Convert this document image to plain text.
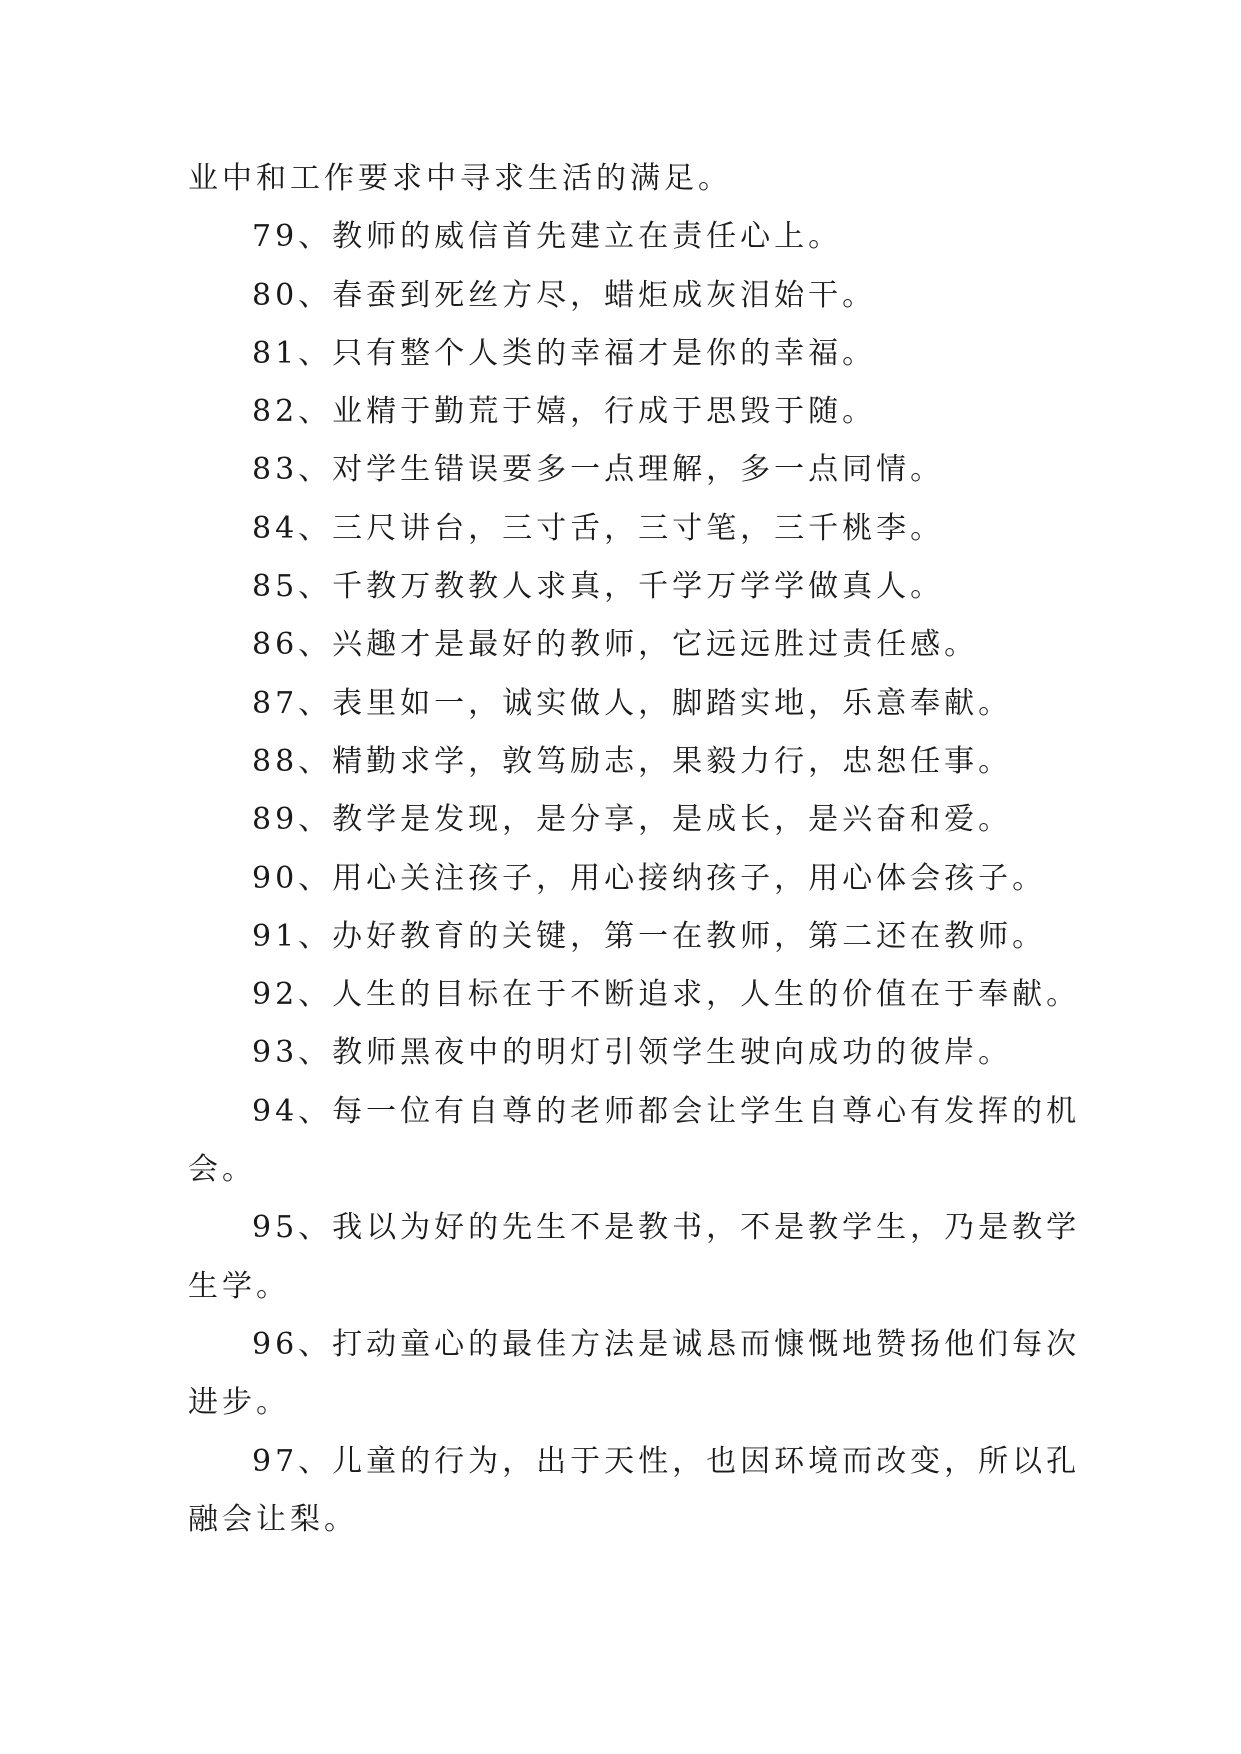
业中和工作要求中寻求生活的满足。
79、教师的威信首先建立在责任心上。
80、春蚕到死丝方尽，蜡炬成灰泪始干。
81、只有整个人类的幸福才是你的幸福。
82、业精于勤荒于嬉，行成于思毁于随。
83、对学生错误要多一点理解，多一点同情。
84、三尺讲台，三寸舌，三寸笔，三千桃李。
85、千教万教教人求真，千学万学学做真人。
86、兴趣才是最好的教师，它远远胜过责任感。
87、表里如一，诚实做人，脚踏实地，乐意奉献。
88、精勤求学，敦笃励志，果毅力行，忠恕任事。
89、教学是发现，是分享，是成长，是兴奋和爱。
90、用心关注孩子，用心接纳孩子，用心体会孩子。
91、办好教育的关键，第一在教师，第二还在教师。
92、人生的目标在于不断追求，人生的价值在于奉献。
93、教师黑夜中的明灯引领学生驶向成功的彼岸。
94、每一位有自尊的老师都会让学生自尊心有发挥的机
会。
95、我以为好的先生不是教书，不是教学生，乃是教学
生学。
96、打动童心的最佳方法是诚恳而慷慨地赞扬他们每次
进步。
97、儿童的行为，出于天性，也因环境而改变，所以孔
融会让梨。
